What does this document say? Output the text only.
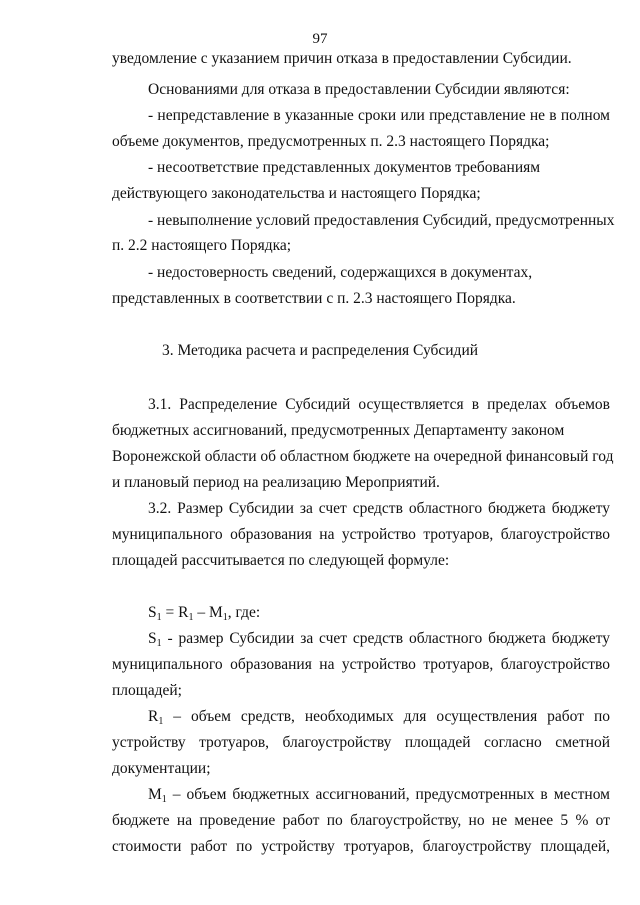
97
уведомление с указанием причин отказа в предоставлении Субсидии.
Основаниями для отказа в предоставлении Субсидии являются:
- непредставление в указанные сроки или представление не в полном
объеме документов, предусмотренных п. 2.3 настоящего Порядка;
- несоответствие представленных документов требованиям
действующего законодательства и настоящего Порядка;
- невыполнение условий предоставления Субсидий, предусмотренных
п. 2.2 настоящего Порядка;
- недостоверность сведений, содержащихся в документах,
представленных в соответствии с п. 2.3 настоящего Порядка.
3. Методика расчета и распределения Субсидий
3.1. Распределение Субсидий осуществляется в пределах объемов
бюджетных ассигнований, предусмотренных Департаменту законом
Воронежской области об областном бюджете на очередной финансовый год
и плановый период на реализацию Мероприятий.
3.2. Размер Субсидии за счет средств областного бюджета бюджету
муниципального образования на устройство тротуаров, благоустройство
площадей рассчитывается по следующей формуле:
$S_1 = R_1 - M_1$, где:
$S_1$ - размер Субсидии за счет средств областного бюджета бюджету
муниципального образования на устройство тротуаров, благоустройство
площадей;
$R_1$ – объем средств, необходимых для осуществления работ по
устройству тротуаров, благоустройству площадей согласно сметной
документации;
$M_1$ – объем бюджетных ассигнований, предусмотренных в местном
бюджете на проведение работ по благоустройству, но не менее 5 % от
стоимости работ по устройству тротуаров, благоустройству площадей,
